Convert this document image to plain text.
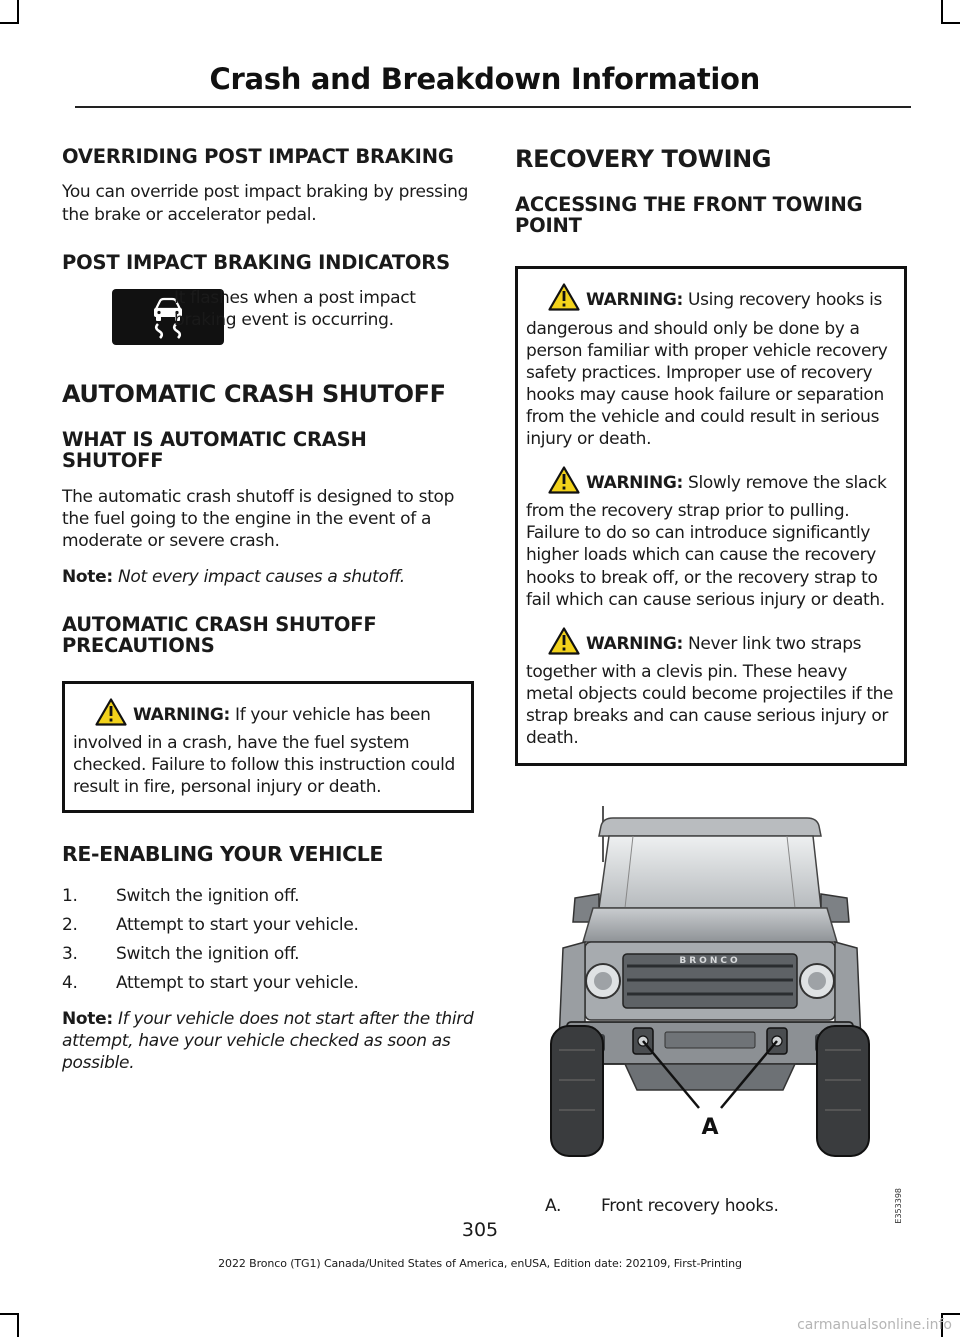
Crash and Breakdown Information
OVERRIDING POST IMPACT BRAKING

You can override post impact braking by pressing the brake or accelerator pedal.

POST IMPACT BRAKING INDICATORS
It flashes when a post impact braking event is occurring.
AUTOMATIC CRASH SHUTOFF
WHAT IS AUTOMATIC CRASH SHUTOFF

The automatic crash shutoff is designed to stop the fuel going to the engine in the event of a moderate or severe crash.

Note: Not every impact causes a shutoff.

AUTOMATIC CRASH SHUTOFF PRECAUTIONS
WARNING: If your vehicle has been involved in a crash, have the fuel system checked. Failure to follow this instruction could result in fire, personal injury or death.
RE-ENABLING YOUR VEHICLE
1. Switch the ignition off.
2. Attempt to start your vehicle.
3. Switch the ignition off.
4. Attempt to start your vehicle.

Note: If your vehicle does not start after the third attempt, have your vehicle checked as soon as possible.

RECOVERY TOWING
ACCESSING THE FRONT TOWING POINT
WARNING: Using recovery hooks is dangerous and should only be done by a person familiar with proper vehicle recovery safety practices. Improper use of recovery hooks may cause hook failure or separation from the vehicle and could result in serious injury or death.
WARNING: Slowly remove the slack from the recovery strap prior to pulling. Failure to do so can introduce significantly higher loads which can cause the recovery hooks to break off, or the recovery strap to fail which can cause serious injury or death.
WARNING: Never link two straps together with a clevis pin. These heavy metal objects could become projectiles if the strap breaks and can cause serious injury or death.
BRONCO
A
E353398
A. Front recovery hooks.
305
2022 Bronco (TG1) Canada/United States of America, enUSA, Edition date: 202109, First-Printing
carmanualsonline.info
